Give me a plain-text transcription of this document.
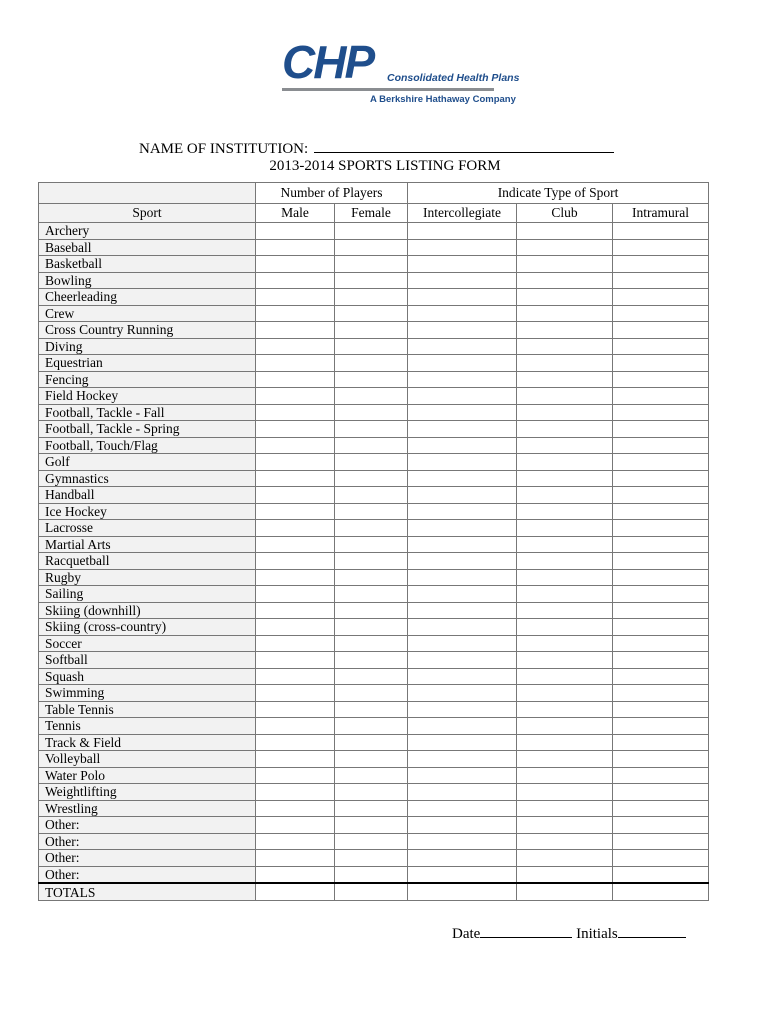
CHP Consolidated Health Plans
A Berkshire Hathaway Company
NAME OF INSTITUTION:
2013-2014 SPORTS LISTING FORM
	Number of Players		Indicate Type of Sport		
Sport	Male	Female	Intercollegiate	Club	Intramural
Archery					
Baseball					
Basketball					
Bowling					
Cheerleading					
Crew					
Cross Country Running					
Diving					
Equestrian					
Fencing					
Field Hockey					
Football, Tackle - Fall					
Football, Tackle - Spring					
Football, Touch/Flag					
Golf					
Gymnastics					
Handball					
Ice Hockey					
Lacrosse					
Martial Arts					
Racquetball					
Rugby					
Sailing					
Skiing (downhill)					
Skiing (cross-country)					
Soccer					
Softball					
Squash					
Swimming					
Table Tennis					
Tennis					
Track & Field					
Volleyball					
Water Polo					
Weightlifting					
Wrestling					
Other:					
Other:					
Other:					
Other:					
TOTALS					
Date	Initials
